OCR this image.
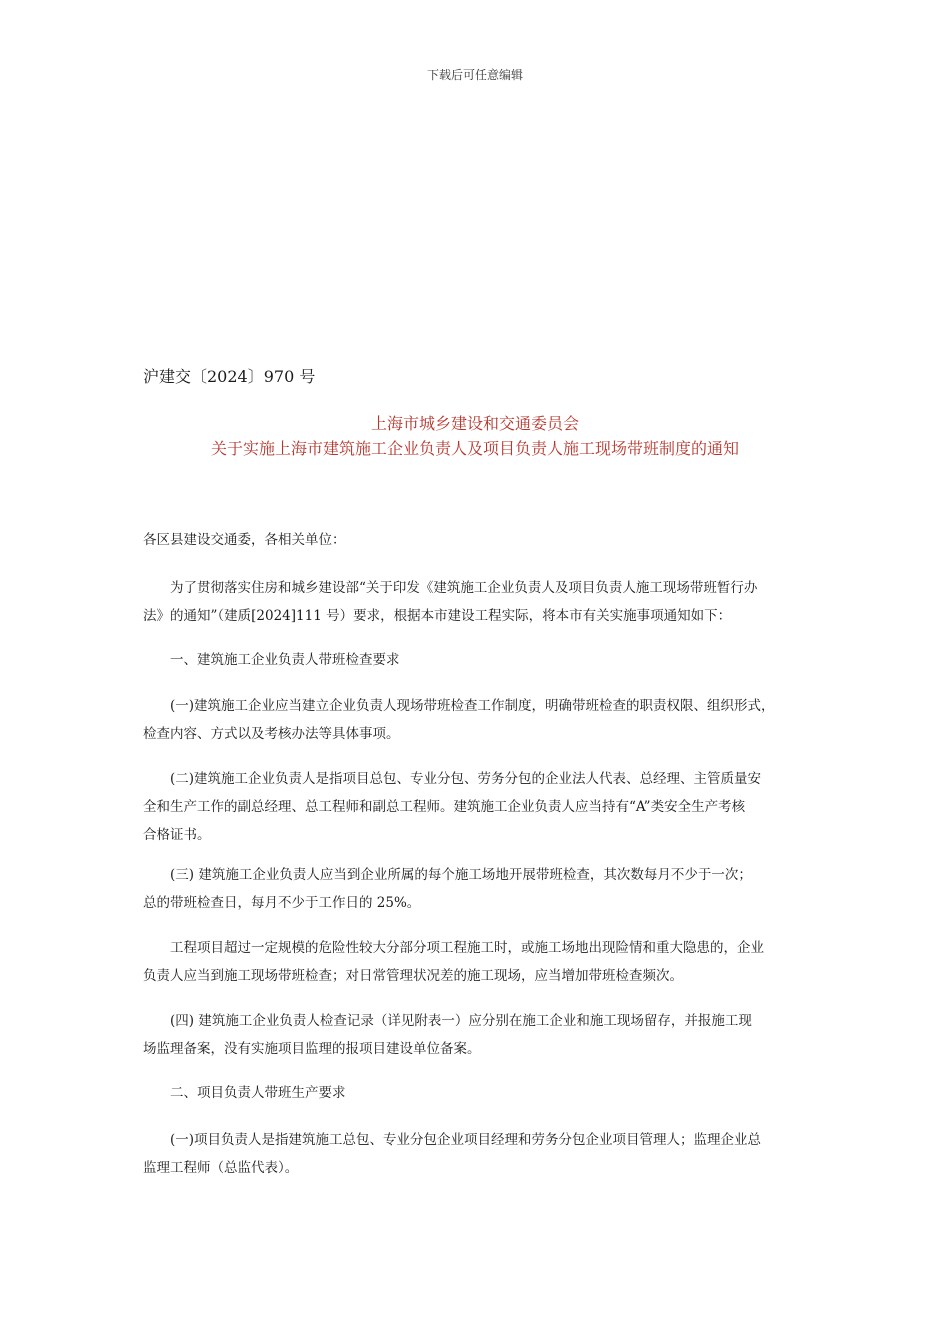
下载后可任意编辑
沪建交〔2024〕970 号
上海市城乡建设和交通委员会
关于实施上海市建筑施工企业负责人及项目负责人施工现场带班制度的通知
各区县建设交通委，各相关单位：
　　为了贯彻落实住房和城乡建设部“关于印发《建筑施工企业负责人及项目负责人施工现场带班暂行办
法》的通知”（建质[2024]111 号）要求，根据本市建设工程实际，将本市有关实施事项通知如下：
　　一、建筑施工企业负责人带班检查要求
　　(一)建筑施工企业应当建立企业负责人现场带班检查工作制度，明确带班检查的职责权限、组织形式，
检查内容、方式以及考核办法等具体事项。
　　(二)建筑施工企业负责人是指项目总包、专业分包、劳务分包的企业法人代表、总经理、主管质量安
全和生产工作的副总经理、总工程师和副总工程师。建筑施工企业负责人应当持有“A”类安全生产考核
合格证书。
　　(三) 建筑施工企业负责人应当到企业所属的每个施工场地开展带班检查，其次数每月不少于一次；
总的带班检查日，每月不少于工作日的 25%。
　　工程项目超过一定规模的危险性较大分部分项工程施工时，或施工场地出现险情和重大隐患的，企业
负责人应当到施工现场带班检查；对日常管理状况差的施工现场，应当增加带班检查频次。
　　(四) 建筑施工企业负责人检查记录（详见附表一）应分别在施工企业和施工现场留存，并报施工现
场监理备案，没有实施项目监理的报项目建设单位备案。
　　二、项目负责人带班生产要求
　　(一)项目负责人是指建筑施工总包、专业分包企业项目经理和劳务分包企业项目管理人；监理企业总
监理工程师（总监代表）。
